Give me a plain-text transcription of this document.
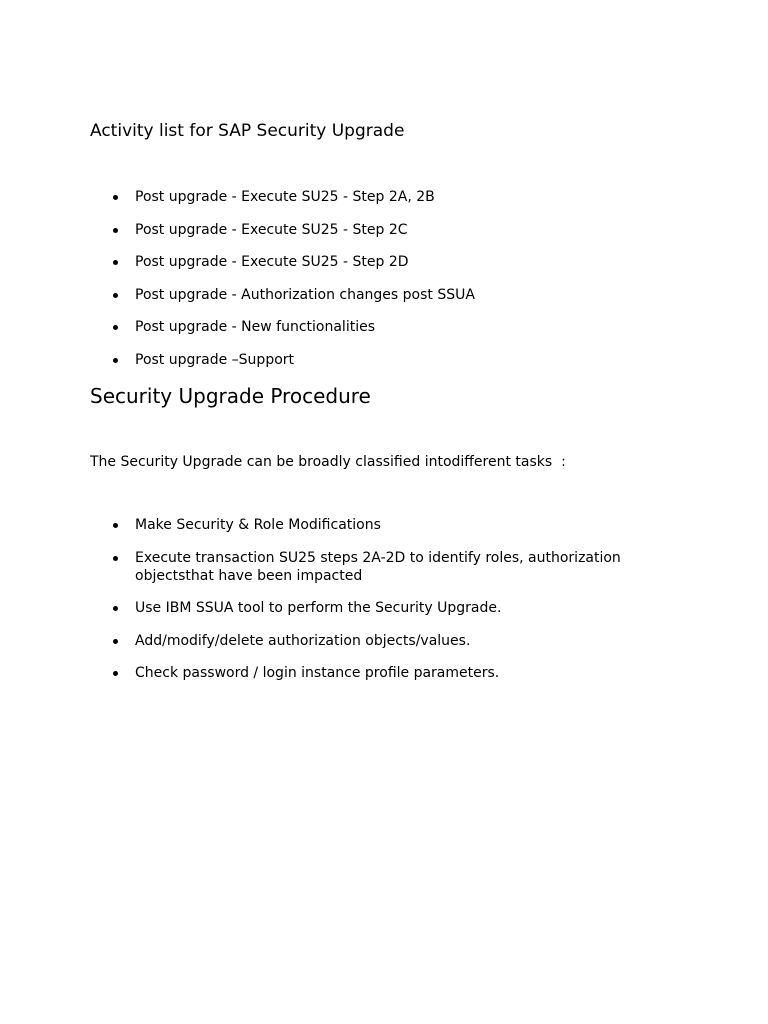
Activity list for SAP Security Upgrade
Post upgrade - Execute SU25 - Step 2A, 2B
Post upgrade - Execute SU25 - Step 2C
Post upgrade - Execute SU25 - Step 2D
Post upgrade - Authorization changes post SSUA
Post upgrade - New functionalities
Post upgrade –Support
Security Upgrade Procedure

The Security Upgrade can be broadly classified intodifferent tasks  :

Make Security & Role Modifications
Execute transaction SU25 steps 2A-2D to identify roles, authorization objectsthat have been impacted
Use IBM SSUA tool to perform the Security Upgrade.
Add/modify/delete authorization objects/values.
Check password / login instance profile parameters.
